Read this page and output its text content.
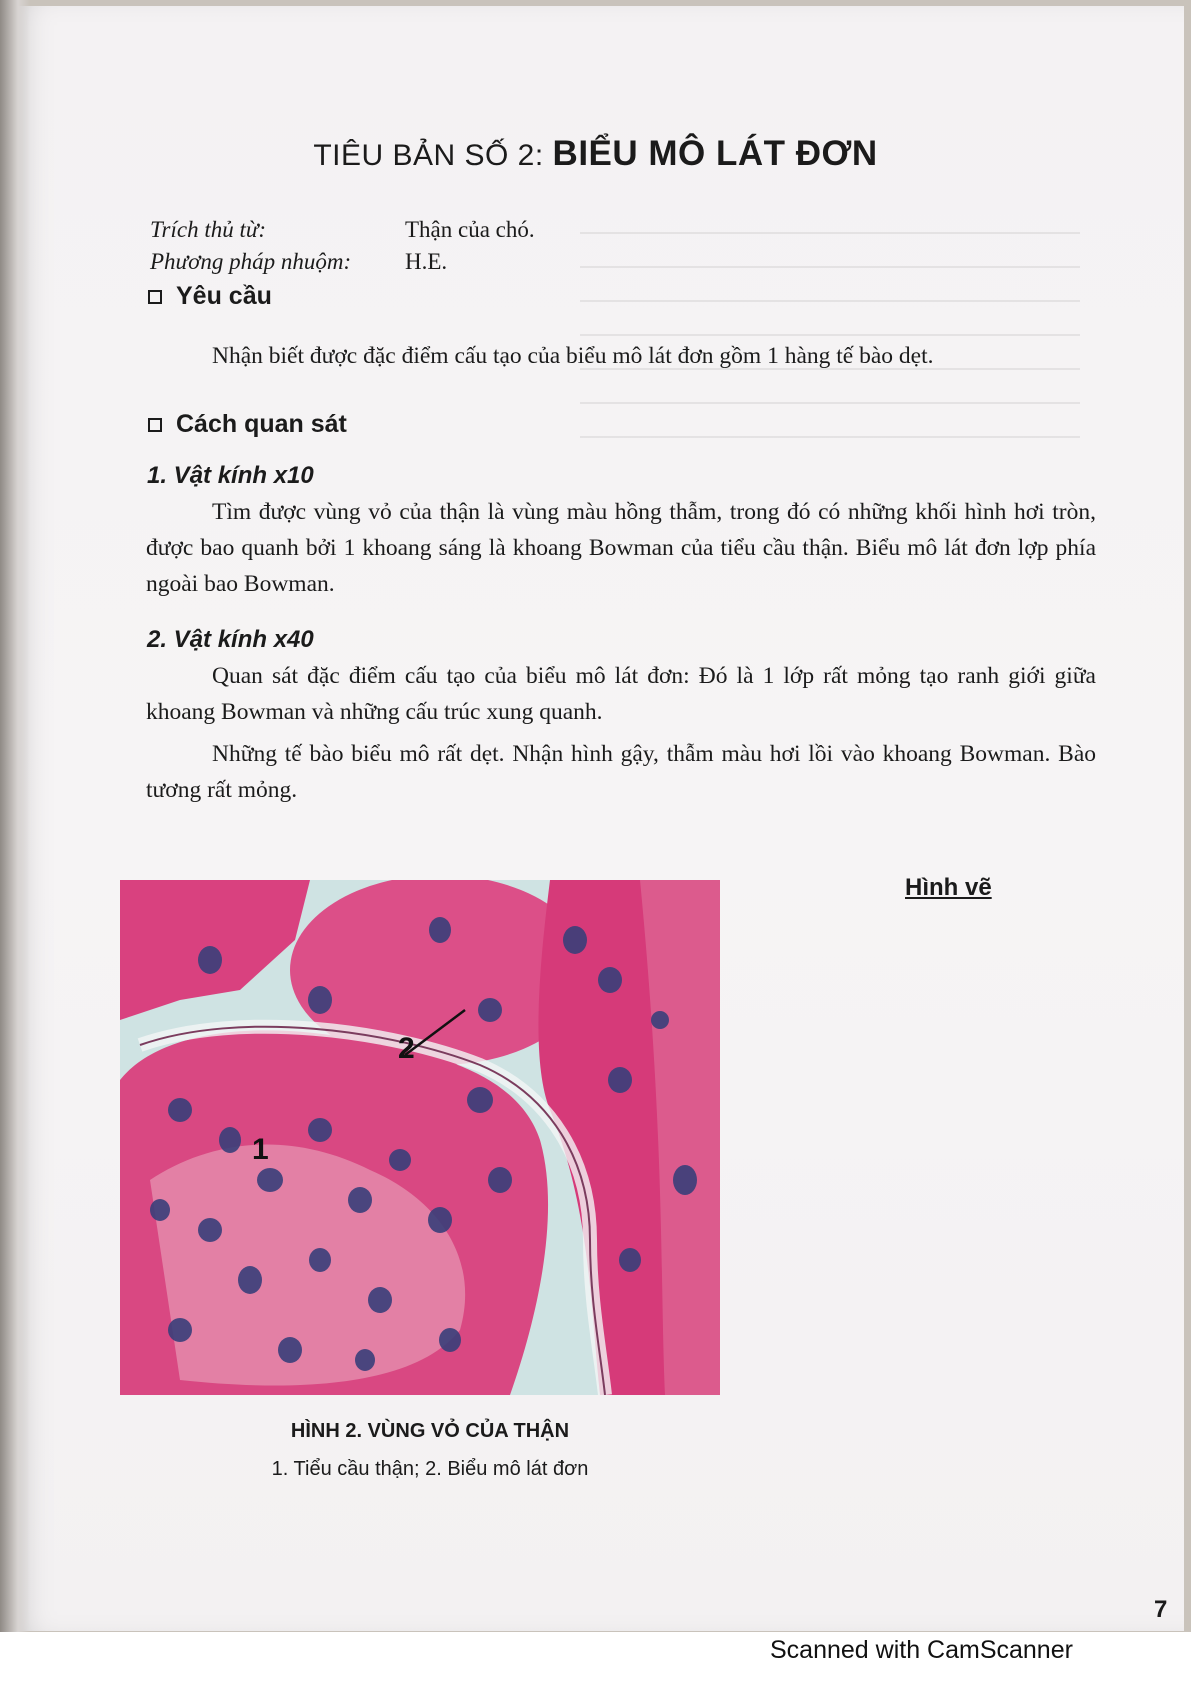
TIÊU BẢN SỐ 2: BIỂU MÔ LÁT ĐƠN
Trích thủ từ:	Thận của chó.
Phương pháp nhuộm:	H.E.
Yêu cầu

Nhận biết được đặc điểm cấu tạo của biểu mô lát đơn gồm 1 hàng tế bào dẹt.

Cách quan sát
1. Vật kính x10

Tìm được vùng vỏ của thận là vùng màu hồng thẫm, trong đó có những khối hình hơi tròn, được bao quanh bởi 1 khoang sáng là khoang Bowman của tiểu cầu thận. Biểu mô lát đơn lợp phía ngoài bao Bowman.

2. Vật kính x40

Quan sát đặc điểm cấu tạo của biểu mô lát đơn: Đó là 1 lớp rất mỏng tạo ranh giới giữa khoang Bowman và những cấu trúc xung quanh.

Những tế bào biểu mô rất dẹt. Nhận hình gậy, thẫm màu hơi lồi vào khoang Bowman. Bào tương rất mỏng.

1
2
Hình vẽ
HÌNH 2. VÙNG VỎ CỦA THẬN
1. Tiểu cầu thận; 2. Biểu mô lát đơn
7
Scanned with CamScanner
